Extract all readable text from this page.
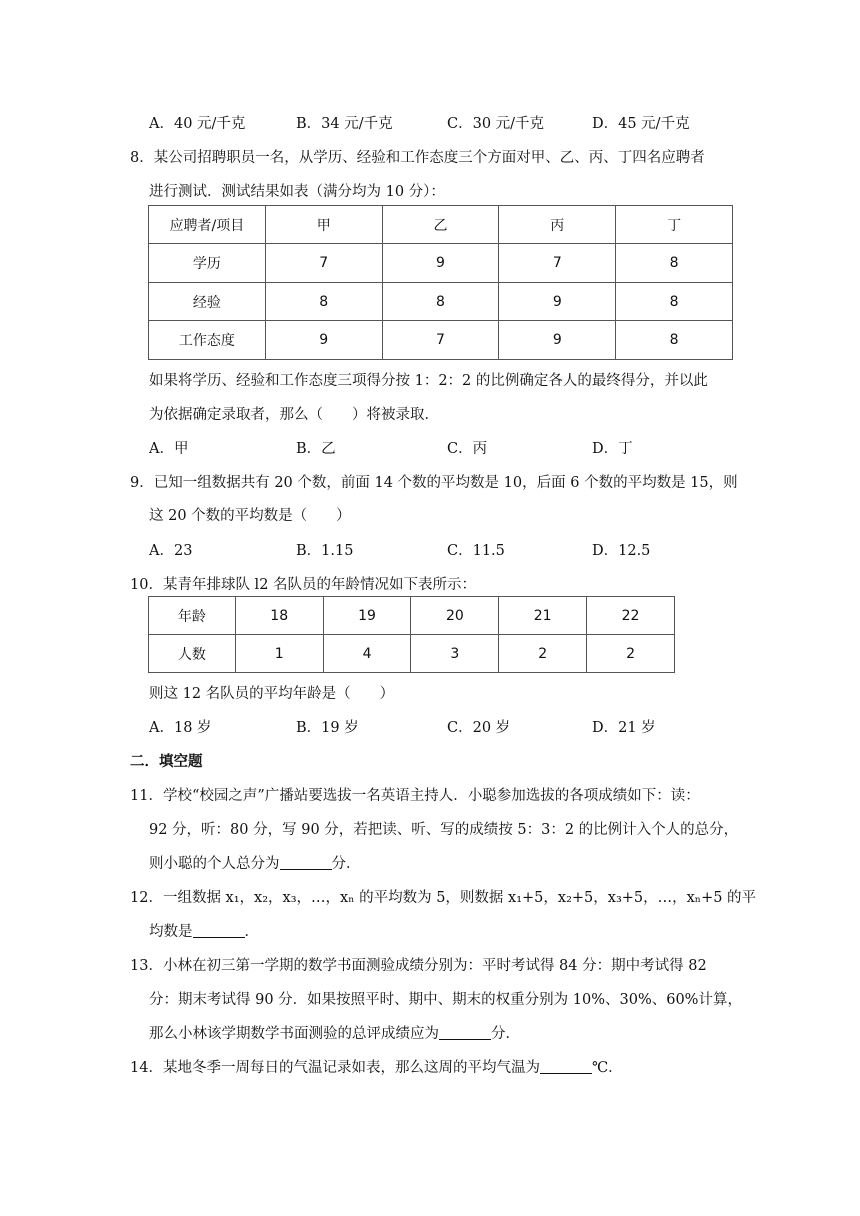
A．40 元/千克	B．34 元/千克	C．30 元/千克	D．45 元/千克
8．某公司招聘职员一名，从学历、经验和工作态度三个方面对甲、乙、丙、丁四名应聘者
进行测试．测试结果如表（满分均为 10 分）：
应聘者/项目	甲	乙	丙	丁
学历	7	9	7	8
经验	8	8	9	8
工作态度	9	7	9	8
如果将学历、经验和工作态度三项得分按 1：2：2 的比例确定各人的最终得分，并以此
为依据确定录取者，那么（　　）将被录取．
A．甲	B．乙	C．丙	D．丁
9．已知一组数据共有 20 个数，前面 14 个数的平均数是 10，后面 6 个数的平均数是 15，则
这 20 个数的平均数是（　　）
A．23	B．1.15	C．11.5	D．12.5
10．某青年排球队 l2 名队员的年龄情况如下表所示：
年龄	18	19	20	21	22
人数	1	4	3	2	2
则这 12 名队员的平均年龄是（　　）
A．18 岁	B．19 岁	C．20 岁	D．21 岁
二．填空题
11．学校“校园之声”广播站要选拔一名英语主持人．小聪参加选拔的各项成绩如下：读：
92 分，听：80 分，写 90 分，若把读、听、写的成绩按 5：3：2 的比例计入个人的总分，
则小聪的个人总分为	分．
12．一组数据 x₁，x₂，x₃，…，xₙ 的平均数为 5，则数据 x₁+5，x₂+5，x₃+5，…，xₙ+5 的平
均数是	．
13．小林在初三第一学期的数学书面测验成绩分别为：平时考试得 84 分：期中考试得 82
分：期末考试得 90 分．如果按照平时、期中、期末的权重分别为 10%、30%、60%计算，
那么小林该学期数学书面测验的总评成绩应为	分．
14．某地冬季一周每日的气温记录如表，那么这周的平均气温为	℃．
